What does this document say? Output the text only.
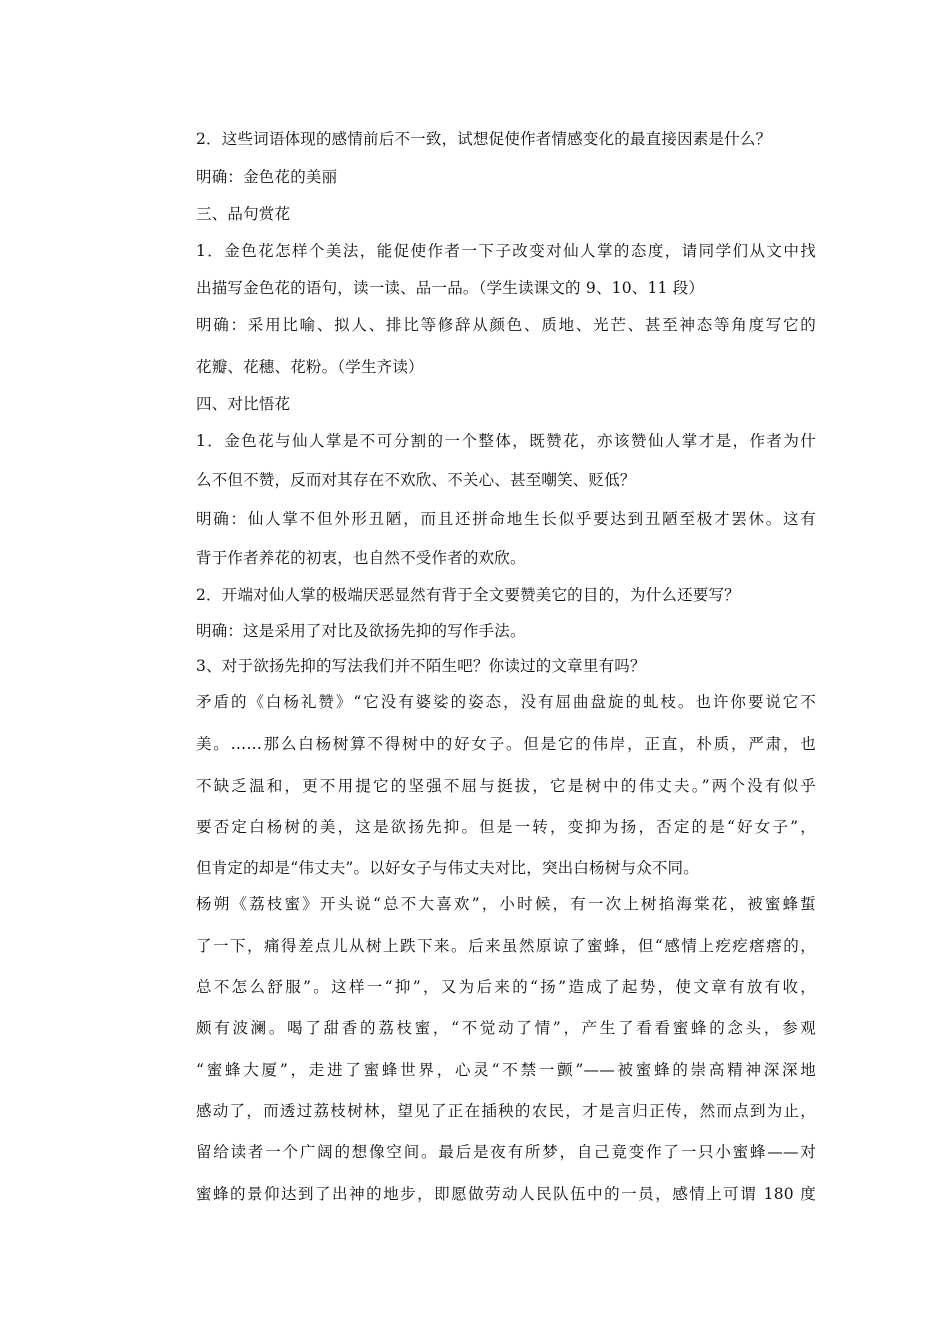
2．这些词语体现的感情前后不一致，试想促使作者情感变化的最直接因素是什么？
明确：金色花的美丽
三、品句赏花
1．金色花怎样个美法，能促使作者一下子改变对仙人掌的态度，请同学们从文中找
出描写金色花的语句，读一读、品一品。（学生读课文的 9、10、11 段）
明确：采用比喻、拟人、排比等修辞从颜色、质地、光芒、甚至神态等角度写它的
花瓣、花穗、花粉。（学生齐读）
四、对比悟花
1．金色花与仙人掌是不可分割的一个整体，既赞花，亦该赞仙人掌才是，作者为什
么不但不赞，反而对其存在不欢欣、不关心、甚至嘲笑、贬低？
明确：仙人掌不但外形丑陋，而且还拼命地生长似乎要达到丑陋至极才罢休。这有
背于作者养花的初衷，也自然不受作者的欢欣。
2．开端对仙人掌的极端厌恶显然有背于全文要赞美它的目的，为什么还要写？
明确：这是采用了对比及欲扬先抑的写作手法。
3、对于欲扬先抑的写法我们并不陌生吧？你读过的文章里有吗？
矛盾的《白杨礼赞》“它没有婆娑的姿态，没有屈曲盘旋的虬枝。也许你要说它不
美。……那么白杨树算不得树中的好女子。但是它的伟岸，正直，朴质，严肃，也
不缺乏温和，更不用提它的坚强不屈与挺拔，它是树中的伟丈夫。”两个没有似乎
要否定白杨树的美，这是欲扬先抑。但是一转，变抑为扬，否定的是“好女子”，
但肯定的却是“伟丈夫”。以好女子与伟丈夫对比，突出白杨树与众不同。
杨朔《荔枝蜜》开头说“总不大喜欢”，小时候，有一次上树掐海棠花，被蜜蜂蜇
了一下，痛得差点儿从树上跌下来。后来虽然原谅了蜜蜂，但“感情上疙疙瘩瘩的，
总不怎么舒服”。这样一“抑”，又为后来的“扬”造成了起势，使文章有放有收，
颇有波澜。喝了甜香的荔枝蜜，“不觉动了情”，产生了看看蜜蜂的念头，参观
“蜜蜂大厦”，走进了蜜蜂世界，心灵“不禁一颤”——被蜜蜂的崇高精神深深地
感动了，而透过荔枝树林，望见了正在插秧的农民，才是言归正传，然而点到为止，
留给读者一个广阔的想像空间。最后是夜有所梦，自己竟变作了一只小蜜蜂——对
蜜蜂的景仰达到了出神的地步，即愿做劳动人民队伍中的一员，感情上可谓 180 度
